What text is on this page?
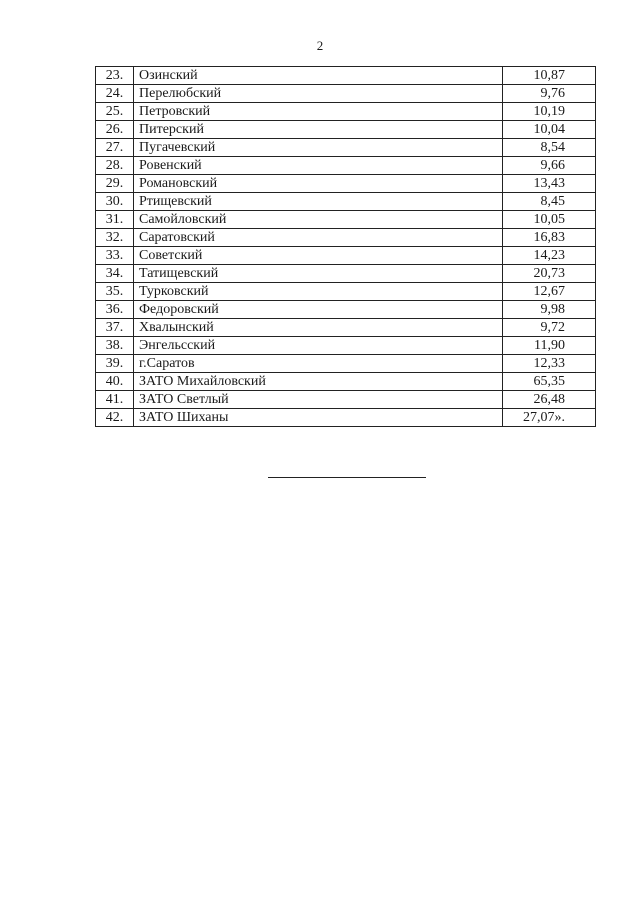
2
23.	Озинский	10,87
24.	Перелюбский	9,76
25.	Петровский	10,19
26.	Питерский	10,04
27.	Пугачевский	8,54
28.	Ровенский	9,66
29.	Романовский	13,43
30.	Ртищевский	8,45
31.	Самойловский	10,05
32.	Саратовский	16,83
33.	Советский	14,23
34.	Татищевский	20,73
35.	Турковский	12,67
36.	Федоровский	9,98
37.	Хвалынский	9,72
38.	Энгельсский	11,90
39.	г.Саратов	12,33
40.	ЗАТО Михайловский	65,35
41.	ЗАТО Светлый	26,48
42.	ЗАТО Шиханы	27,07».
